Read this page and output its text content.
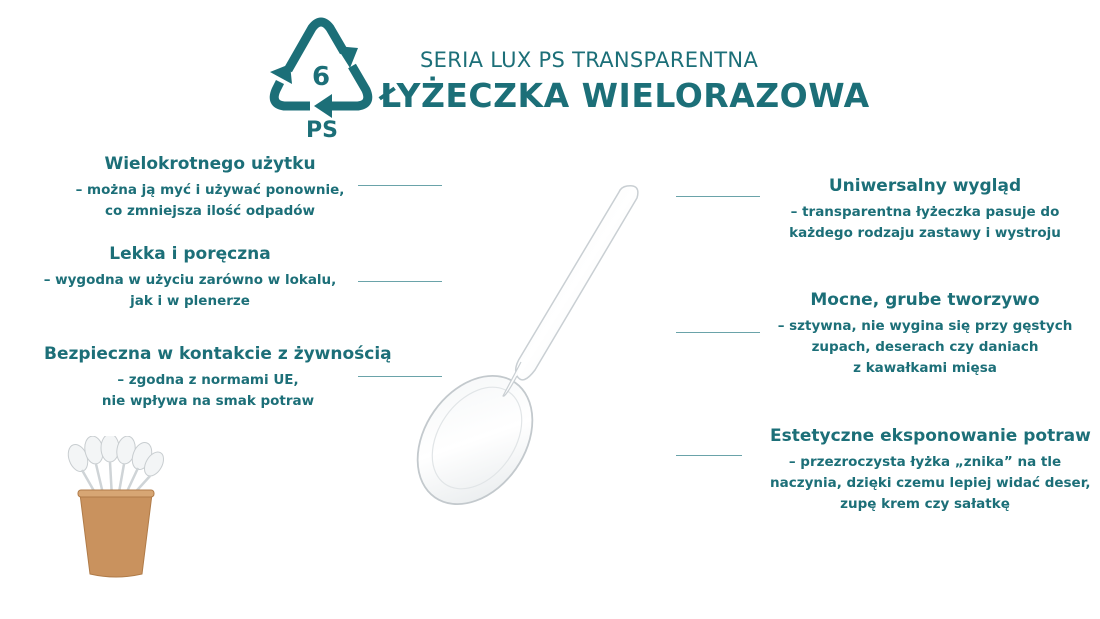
6
PS
SERIA LUX PS TRANSPARENTNA
ŁYŻECZKA WIELORAZOWA
Wielokrotnego użytku
– można ją myć i używać ponownie,
co zmniejsza ilość odpadów
Lekka i poręczna
– wygodna w użyciu zarówno w lokalu,
jak i w plenerze
Bezpieczna w kontakcie z żywnością
– zgodna z normami UE,
nie wpływa na smak potraw
Uniwersalny wygląd
– transparentna łyżeczka pasuje do
każdego rodzaju zastawy i wystroju
Mocne, grube tworzywo
– sztywna, nie wygina się przy gęstych
zupach, deserach czy daniach
z kawałkami mięsa
Estetyczne eksponowanie potraw
– przezroczysta łyżka „znika” na tle
naczynia, dzięki czemu lepiej widać deser,
zupę krem czy sałatkę
